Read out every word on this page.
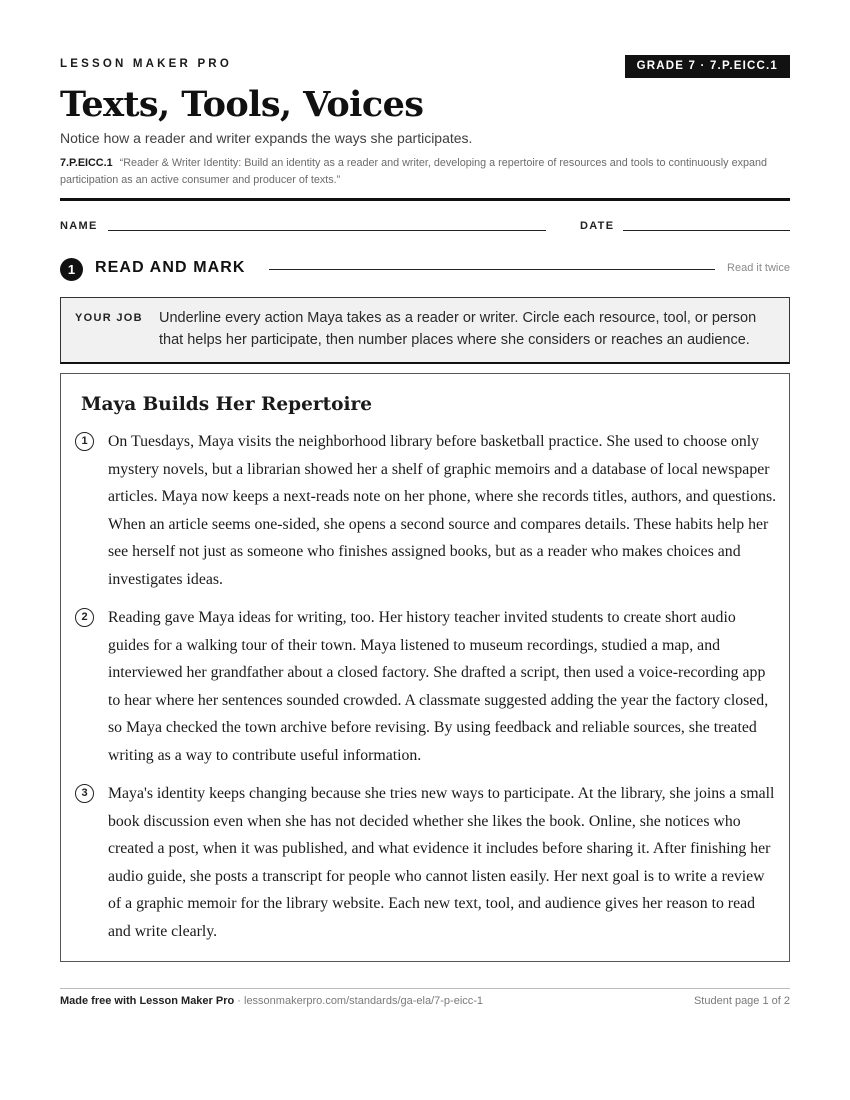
LESSON MAKER PRO	GRADE 7 · 7.P.EICC.1
Texts, Tools, Voices
Notice how a reader and writer expands the ways she participates.
7.P.EICC.1 “Reader & Writer Identity: Build an identity as a reader and writer, developing a repertoire of resources and tools to continuously expand participation as an active consumer and producer of texts.”
NAME	DATE
1	READ AND MARK	Read it twice
YOUR JOB Underline every action Maya takes as a reader or writer. Circle each resource, tool, or person that helps her participate, then number places where she considers or reaches an audience.
Maya Builds Her Repertoire
1	On Tuesdays, Maya visits the neighborhood library before basketball practice. She used to choose only mystery novels, but a librarian showed her a shelf of graphic memoirs and a database of local newspaper articles. Maya now keeps a next-reads note on her phone, where she records titles, authors, and questions. When an article seems one-sided, she opens a second source and compares details. These habits help her see herself not just as someone who finishes assigned books, but as a reader who makes choices and investigates ideas.

2	Reading gave Maya ideas for writing, too. Her history teacher invited students to create short audio guides for a walking tour of their town. Maya listened to museum recordings, studied a map, and interviewed her grandfather about a closed factory. She drafted a script, then used a voice-recording app to hear where her sentences sounded crowded. A classmate suggested adding the year the factory closed, so Maya checked the town archive before revising. By using feedback and reliable sources, she treated writing as a way to contribute useful information.

3	Maya's identity keeps changing because she tries new ways to participate. At the library, she joins a small book discussion even when she has not decided whether she likes the book. Online, she notices who created a post, when it was published, and what evidence it includes before sharing it. After finishing her audio guide, she posts a transcript for people who cannot listen easily. Her next goal is to write a review of a graphic memoir for the library website. Each new text, tool, and audience gives her reason to read and write clearly.

Made free with Lesson Maker Pro · lessonmakerpro.com/standards/ga-ela/7-p-eicc-1	Student page 1 of 2
